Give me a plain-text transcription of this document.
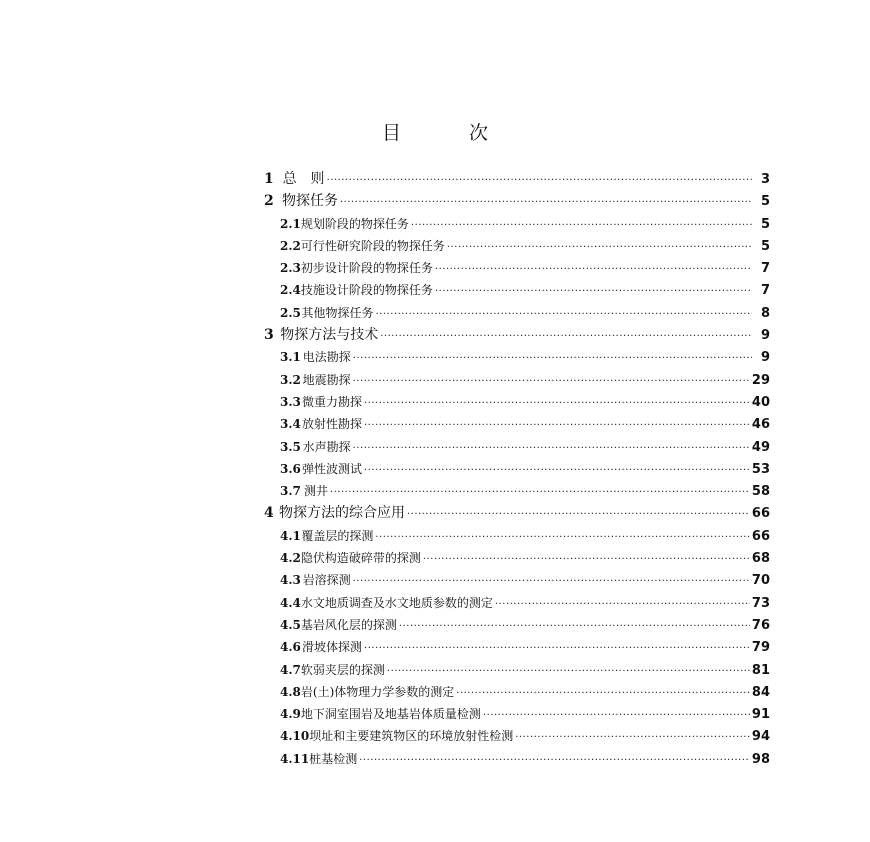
目	次
1 总　则 ·····	3
2 物探任务 ·····	5
2.1 规划阶段的物探任务 ·····	5
2.2 可行性研究阶段的物探任务 ·····	5
2.3 初步设计阶段的物探任务 ·····	7
2.4 技施设计阶段的物探任务 ·····	7
2.5 其他物探任务 ·····	8
3 物探方法与技术 ·····	9
3.1 电法勘探 ·····	9
3.2 地震勘探 ·····	29
3.3 微重力勘探 ·····	40
3.4 放射性勘探 ·····	46
3.5 水声勘探 ·····	49
3.6 弹性波测试 ·····	53
3.7 测井 ·····	58
4 物探方法的综合应用 ·····	66
4.1 覆盖层的探测 ·····	66
4.2 隐伏构造破碎带的探测 ·····	68
4.3 岩溶探测 ·····	70
4.4 水文地质调查及水文地质参数的测定 ·····	73
4.5 基岩风化层的探测 ·····	76
4.6 滑坡体探测 ·····	79
4.7 软弱夹层的探测 ·····	81
4.8 岩(土)体物理力学参数的测定 ·····	84
4.9 地下洞室围岩及地基岩体质量检测 ·····	91
4.10 坝址和主要建筑物区的环境放射性检测 ·····	94
4.11 桩基检测 ·····	98
